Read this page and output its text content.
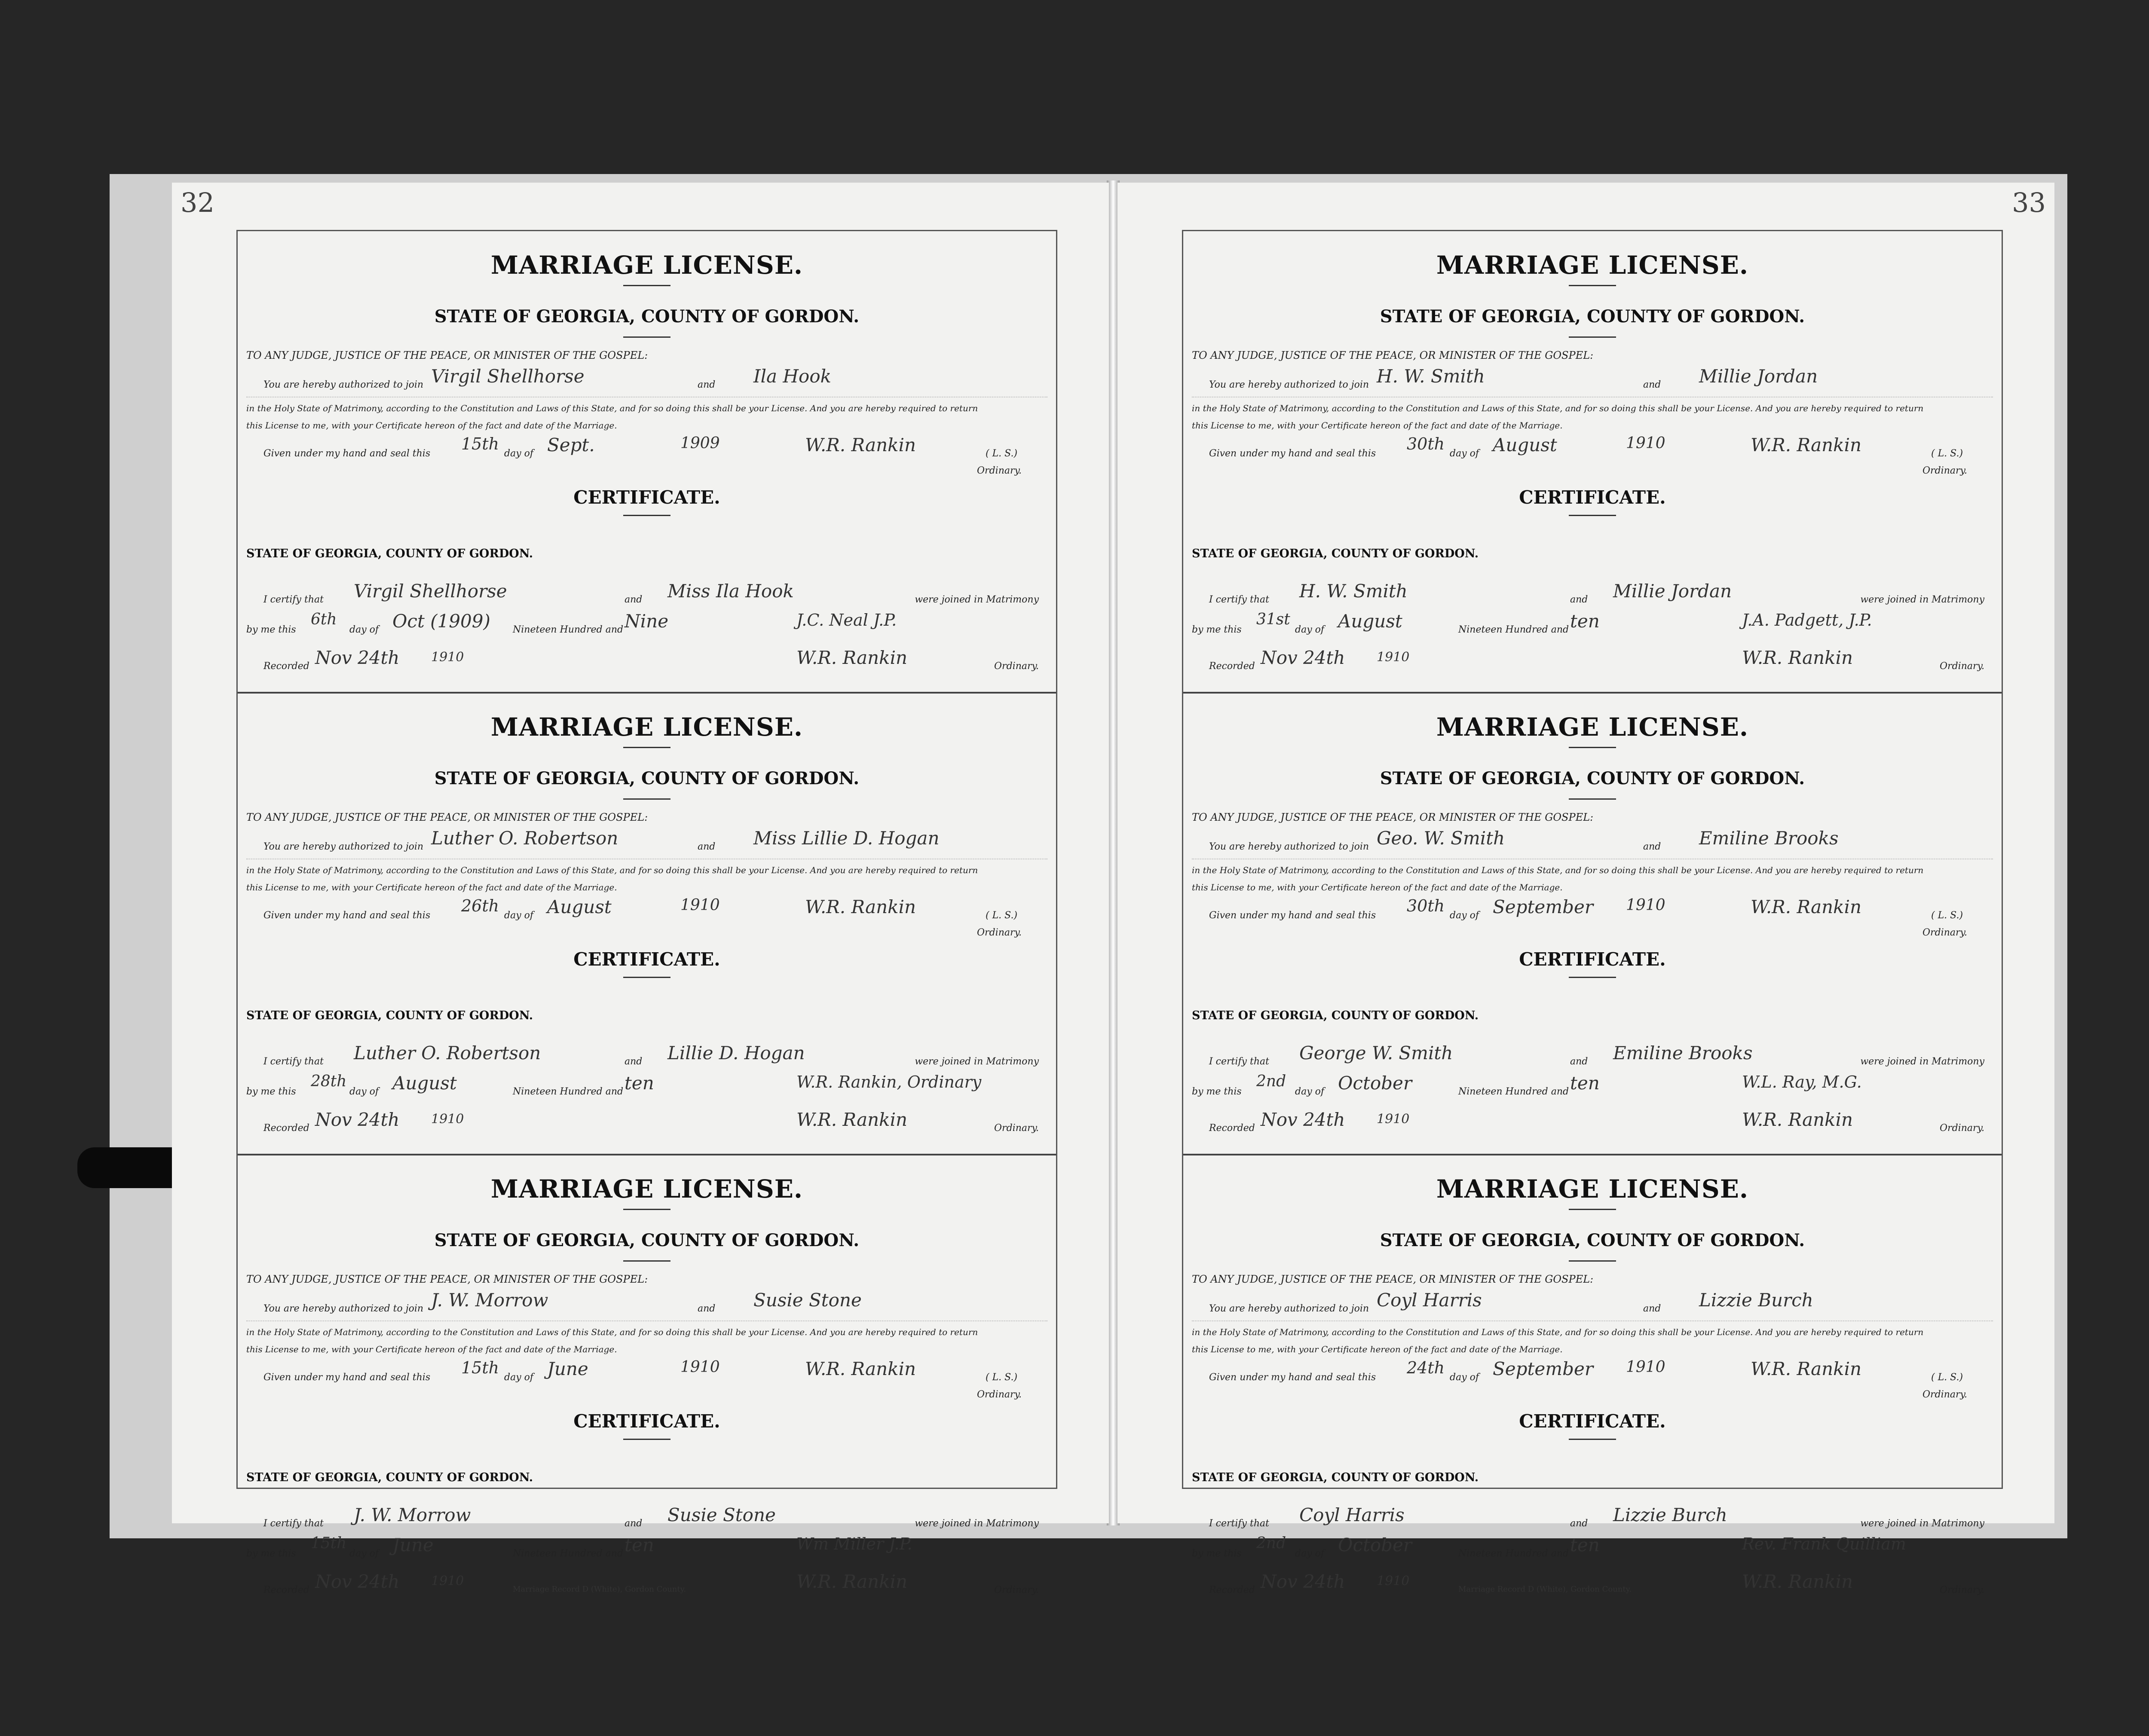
32
MARRIAGE LICENSE.
STATE OF GEORGIA, COUNTY OF GORDON.
TO ANY JUDGE, JUSTICE OF THE PEACE, OR MINISTER OF THE GOSPEL:
You are hereby authorized to join Virgil Shellhorse	and Ila Hook
in the Holy State of Matrimony, according to the Constitution and Laws of this State, and for so doing this shall be your License. And you are hereby required to return
this License to me, with your Certificate hereon of the fact and date of the Marriage.
Given under my hand and seal this
15th
day of Sept.	1909	W.R. Rankin	( L. S.)
Ordinary.
CERTIFICATE.
STATE OF GEORGIA, COUNTY OF GORDON.
I certify that Virgil Shellhorse	and Miss Ila Hook	were joined in Matrimony
by me this
6th
day of Oct (1909) Nineteen Hundred and Nine	J.C. Neal J.P.
Recorded Nov 24th 1910	W.R. Rankin	Ordinary.
MARRIAGE LICENSE.
STATE OF GEORGIA, COUNTY OF GORDON.
TO ANY JUDGE, JUSTICE OF THE PEACE, OR MINISTER OF THE GOSPEL:
You are hereby authorized to join Luther O. Robertson	and Miss Lillie D. Hogan
in the Holy State of Matrimony, according to the Constitution and Laws of this State, and for so doing this shall be your License. And you are hereby required to return
this License to me, with your Certificate hereon of the fact and date of the Marriage.
Given under my hand and seal this
26th
day of August	1910	W.R. Rankin	( L. S.)
Ordinary.
CERTIFICATE.
STATE OF GEORGIA, COUNTY OF GORDON.
I certify that Luther O. Robertson	and Lillie D. Hogan	were joined in Matrimony
by me this
28th
day of August	Nineteen Hundred and ten	W.R. Rankin, Ordinary
Recorded Nov 24th 1910	W.R. Rankin	Ordinary.
MARRIAGE LICENSE.
STATE OF GEORGIA, COUNTY OF GORDON.
TO ANY JUDGE, JUSTICE OF THE PEACE, OR MINISTER OF THE GOSPEL:
You are hereby authorized to join J. W. Morrow	and Susie Stone
in the Holy State of Matrimony, according to the Constitution and Laws of this State, and for so doing this shall be your License. And you are hereby required to return
this License to me, with your Certificate hereon of the fact and date of the Marriage.
Given under my hand and seal this
15th
day of June	1910	W.R. Rankin	( L. S.)
Ordinary.
CERTIFICATE.
STATE OF GEORGIA, COUNTY OF GORDON.
I certify that J. W. Morrow	and Susie Stone	were joined in Matrimony
by me this
15th
day of June	Nineteen Hundred and ten	Wm Miller J.P.
Recorded Nov 24th 1910	W.R. Rankin	Ordinary.
Marriage Record D (White), Gordon County.
33
MARRIAGE LICENSE.
STATE OF GEORGIA, COUNTY OF GORDON.
TO ANY JUDGE, JUSTICE OF THE PEACE, OR MINISTER OF THE GOSPEL:
You are hereby authorized to join H. W. Smith	and Millie Jordan
in the Holy State of Matrimony, according to the Constitution and Laws of this State, and for so doing this shall be your License. And you are hereby required to return
this License to me, with your Certificate hereon of the fact and date of the Marriage.
Given under my hand and seal this
30th
day of August	1910	W.R. Rankin	( L. S.)
Ordinary.
CERTIFICATE.
STATE OF GEORGIA, COUNTY OF GORDON.
I certify that H. W. Smith	and Millie Jordan	were joined in Matrimony
by me this
31st
day of August	Nineteen Hundred and ten	J.A. Padgett, J.P.
Recorded Nov 24th 1910	W.R. Rankin	Ordinary.
MARRIAGE LICENSE.
STATE OF GEORGIA, COUNTY OF GORDON.
TO ANY JUDGE, JUSTICE OF THE PEACE, OR MINISTER OF THE GOSPEL:
You are hereby authorized to join Geo. W. Smith	and Emiline Brooks
in the Holy State of Matrimony, according to the Constitution and Laws of this State, and for so doing this shall be your License. And you are hereby required to return
this License to me, with your Certificate hereon of the fact and date of the Marriage.
Given under my hand and seal this
30th
day of September 1910	W.R. Rankin	( L. S.)
Ordinary.
CERTIFICATE.
STATE OF GEORGIA, COUNTY OF GORDON.
I certify that George W. Smith	and Emiline Brooks	were joined in Matrimony
by me this
2nd
day of October	Nineteen Hundred and ten	W.L. Ray, M.G.
Recorded Nov 24th 1910	W.R. Rankin	Ordinary.
MARRIAGE LICENSE.
STATE OF GEORGIA, COUNTY OF GORDON.
TO ANY JUDGE, JUSTICE OF THE PEACE, OR MINISTER OF THE GOSPEL:
You are hereby authorized to join Coyl Harris	and Lizzie Burch
in the Holy State of Matrimony, according to the Constitution and Laws of this State, and for so doing this shall be your License. And you are hereby required to return
this License to me, with your Certificate hereon of the fact and date of the Marriage.
Given under my hand and seal this
24th
day of September 1910	W.R. Rankin	( L. S.)
Ordinary.
CERTIFICATE.
STATE OF GEORGIA, COUNTY OF GORDON.
I certify that Coyl Harris	and Lizzie Burch	were joined in Matrimony
by me this
2nd
day of October	Nineteen Hundred and ten	Rev. Frank Quilliam
Recorded Nov 24th 1910	W.R. Rankin	Ordinary.
Marriage Record D (White), Gordon County.
